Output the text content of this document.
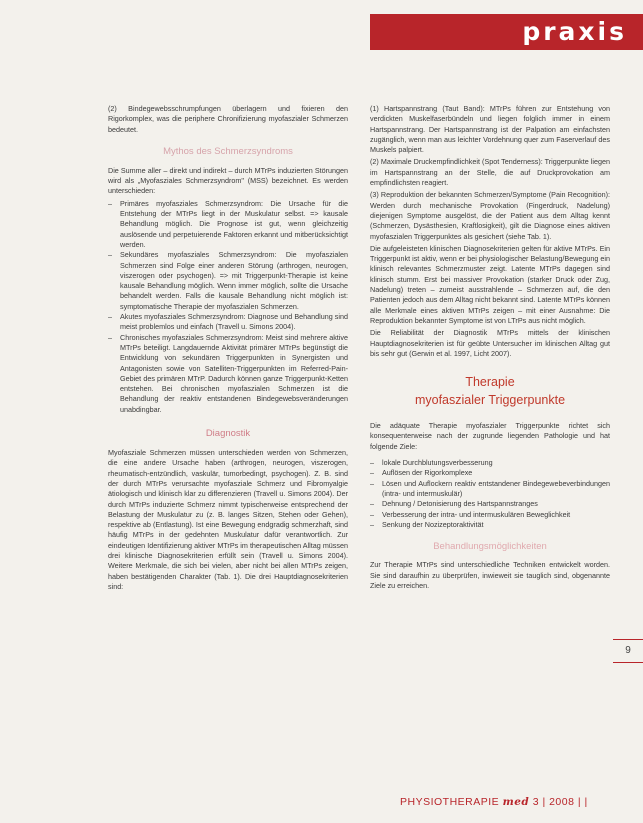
praxis

(2) Bindegewebsschrumpfungen überlagern und fixieren den Rigorkomplex, was die periphere Chronifizierung myofaszialer Schmerzen bedeutet.

Mythos des Schmerzsyndroms

Die Summe aller – direkt und indirekt – durch MTrPs induzierten Störungen wird als „Myofasziales Schmerzsyndrom" (MSS) bezeichnet. Es werden unterschieden:

– Primäres myofasziales Schmerzsyndrom: Die Ursache für die Entstehung der MTrPs liegt in der Muskulatur selbst. => kausale Behandlung möglich. Die Prognose ist gut, wenn gleichzeitig auslösende und perpetuierende Faktoren erkannt und mitberücksichtigt werden.
– Sekundäres myofasziales Schmerzsyndrom: Die myofaszialen Schmerzen sind Folge einer anderen Störung (arthrogen, neurogen, viszerogen oder psychogen). => mit Triggerpunkt-Therapie ist keine kausale Behandlung möglich. Wenn immer möglich, sollte die Ursache behandelt werden. Falls die kausale Behandlung nicht möglich ist: symptomatische Therapie der myofaszialen Schmerzen.
– Akutes myofasziales Schmerzsyndrom: Diagnose und Behandlung sind meist problemlos und einfach (Travell u. Simons 2004).
– Chronisches myofasziales Schmerzsyndrom: Meist sind mehrere aktive MTrPs beteiligt. Langdauernde Aktivität primärer MTrPs begünstigt die Entwicklung von sekundären Triggerpunkten in Synergisten und Antagonisten sowie von Satelliten-Triggerpunkten im Referred-Pain-Gebiet des primären MTrP. Dadurch können ganze Triggerpunkt-Ketten entstehen. Bei chronischen myofaszialen Schmerzen ist die Behandlung der reaktiv entstandenen Bindegewebsveränderungen unabdingbar.
Diagnostik

Myofasziale Schmerzen müssen unterschieden werden von Schmerzen, die eine andere Ursache haben (arthrogen, neurogen, viszerogen, rheumatisch-entzündlich, vaskulär, tumorbedingt, psychogen). Z. B. sind der durch MTrPs verursachte myofasziale Schmerz und Fibromyalgie ätiologisch und klinisch klar zu differenzieren (Travell u. Simons 2004). Der durch MTrPs induzierte Schmerz nimmt typischerweise entsprechend der Belastung der Muskulatur zu (z. B. langes Sitzen, Stehen oder Gehen), respektive ab (Entlastung). Ist eine Bewegung endgradig schmerzhaft, sind häufig MTrPs in der gedehnten Muskulatur dafür verantwortlich. Zur eindeutigen Identifizierung aktiver MTrPs im therapeutischen Alltag müssen drei klinische Diagnosekriterien erfüllt sein (Travell u. Simons 2004). Weitere Merkmale, die sich bei vielen, aber nicht bei allen MTrPs zeigen, haben bestätigenden Charakter (Tab. 1). Die drei Hauptdiagnosekriterien sind:

(1) Hartspannstrang (Taut Band): MTrPs führen zur Entstehung von verdickten Muskelfaserbündeln und liegen folglich immer in einem Hartspannstrang. Der Hartspannstrang ist der Palpation am einfachsten zugänglich, wenn man aus leichter Vordehnung quer zum Faserverlauf des Muskels palpiert.

(2) Maximale Druckempfindlichkeit (Spot Tenderness): Triggerpunkte liegen im Hartspannstrang an der Stelle, die auf Druckprovokation am empfindlichsten reagiert.

(3) Reproduktion der bekannten Schmerzen/Symptome (Pain Recognition): Werden durch mechanische Provokation (Fingerdruck, Nadelung) diejenigen Symptome ausgelöst, die der Patient aus dem Alltag kennt (Schmerzen, Dysästhesien, Kraftlosigkeit), gilt die Diagnose eines aktiven myofaszialen Triggerpunktes als gesichert (siehe Tab. 1).

Die aufgeleisteten klinischen Diagnosekriterien gelten für aktive MTrPs. Ein Triggerpunkt ist aktiv, wenn er bei physiologischer Belastung/Bewegung ein klinisch relevantes Schmerzmuster zeigt. Latente MTrPs dagegen sind klinisch stumm. Erst bei massiver Provokation (starker Druck oder Zug, Nadelung) treten – zumeist ausstrahlende – Schmerzen auf, die den Patienten jedoch aus dem Alltag nicht bekannt sind. Latente MTrPs können alle Merkmale eines aktiven MTrPs zeigen – mit einer Ausnahme: Die Reproduktion bekannter Symptome ist von LTrPs aus nicht möglich.

Die Reliabilität der Diagnostik MTrPs mittels der klinischen Hauptdiagnosekriterien ist für geübte Untersucher im klinischen Alltag gut bis sehr gut (Gerwin et al. 1997, Licht 2007).

Therapie
myofaszialer Triggerpunkte

Die adäquate Therapie myofaszialer Triggerpunkte richtet sich konsequenterweise nach der zugrunde liegenden Pathologie und hat folgende Ziele:

– lokale Durchblutungsverbesserung
– Auflösen der Rigorkomplexe
– Lösen und Auflockern reaktiv entstandener Bindegewebeverbindungen (intra- und intermuskulär)
– Dehnung / Detonisierung des Hartspannstranges
– Verbesserung der intra- und intermuskulären Beweglichkeit
– Senkung der Nozizeptoraktivität
Behandlungsmöglichkeiten

Zur Therapie MTrPs sind unterschiedliche Techniken entwickelt worden. Sie sind daraufhin zu überprüfen, inwieweit sie tauglich sind, obgenannte Ziele zu erreichen.

9
PHYSIOTHERAPIE med 3 | 2008 | |
